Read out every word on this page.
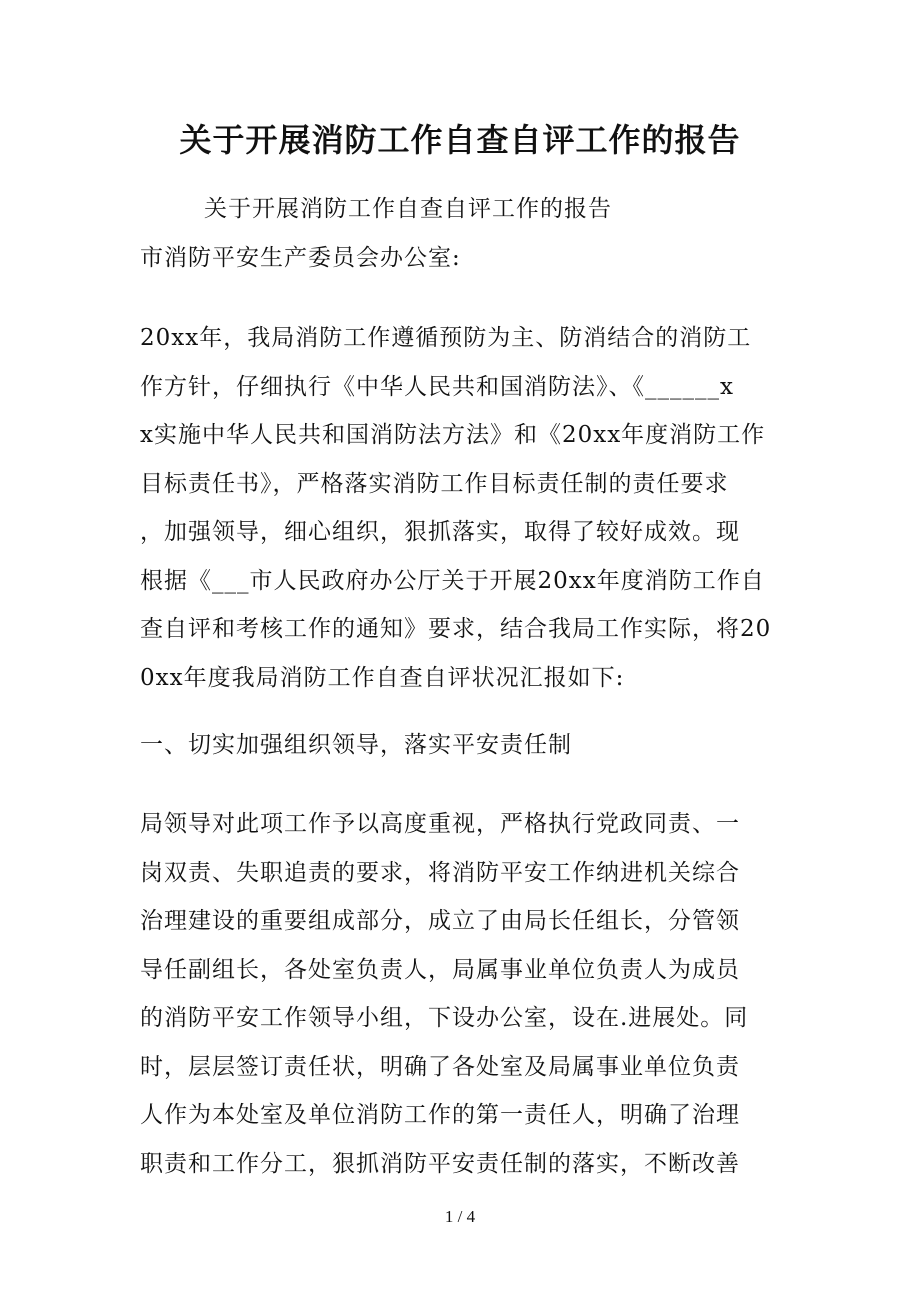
关于开展消防工作自查自评工作的报告
关于开展消防工作自查自评工作的报告
市消防平安生产委员会办公室:
20xx年，我局消防工作遵循预防为主、防消结合的消防工
作方针，仔细执行《中华人民共和国消防法》、《______x
x实施中华人民共和国消防法方法》和《20xx年度消防工作
目标责任书》，严格落实消防工作目标责任制的责任要求
，加强领导，细心组织，狠抓落实，取得了较好成效。现
根据《___市人民政府办公厅关于开展20xx年度消防工作自
查自评和考核工作的通知》要求，结合我局工作实际，将20
0xx年度我局消防工作自查自评状况汇报如下:
一、切实加强组织领导，落实平安责任制
局领导对此项工作予以高度重视，严格执行党政同责、一
岗双责、失职追责的要求，将消防平安工作纳进机关综合
治理建设的重要组成部分，成立了由局长任组长，分管领
导任副组长，各处室负责人，局属事业单位负责人为成员
的消防平安工作领导小组，下设办公室，设在.进展处。同
时，层层签订责任状，明确了各处室及局属事业单位负责
人作为本处室及单位消防工作的第一责任人，明确了治理
职责和工作分工，狠抓消防平安责任制的落实，不断改善
1 / 4
